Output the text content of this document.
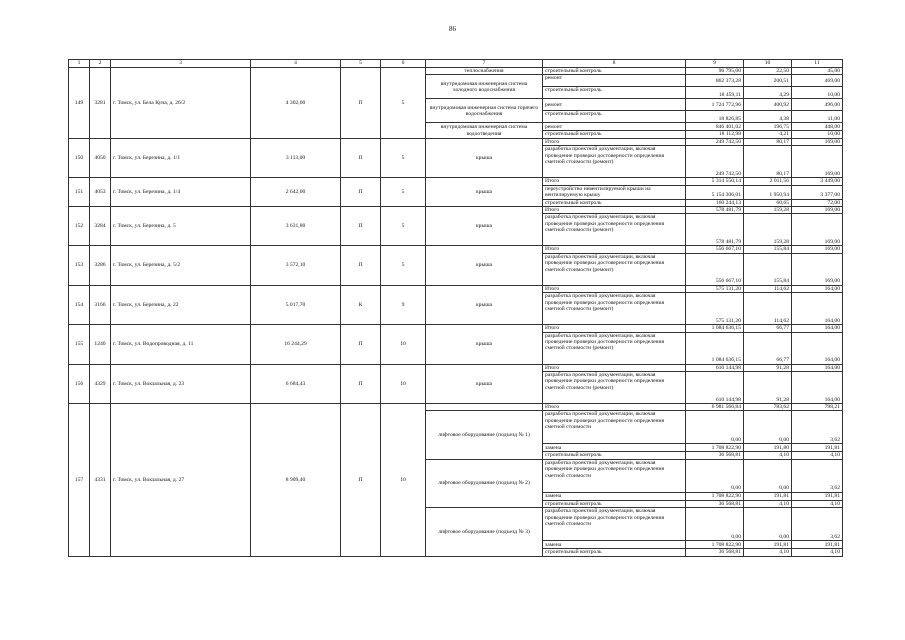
86
1	2	3	4	5	6	7	8	9	10	11
149	3281	г. Томск, ул. Бела Куна, д. 26/2	4 302,00	П	5	теплоснабжения	строительный контроль	96 795,00	22,50	45,00
						внутридомовая инженерная система холодного водоснабжения	ремонт	862 373,28	200,51	469,00
							строительный контроль	18 459,11	4,29	10,00
						внутридомовая инженерная система горячего водоснабжения	ремонт	1 724 772,96	400,92	496,00
							строительный контроль	18 826,85	4,38	11,00
						внутридомовая инженерная система водоотведения	ремонт	846 401,02	196,75	448,00
							строительный контроль	18 112,98	4,21	10,00
150	4050	г. Томск, ул. Березина, д. 1/1	3 113,00	П	5	крыша	Итого	249 742,50	80,17	169,00
							разработка проектной документации, включая проведение проверки достоверности определения сметной стоимости (ремонт)	249 742,50	80,17	169,00
151	4053	г. Томск, ул. Березина, д. 1/4	2 642,00	П	5	крыша	Итого	5 314 550,14	2 011,56	3 449,00
							переустройство невентилируемой крыши на вентилируемую крышу	5 154 306,01	1 950,94	3 377,00
							строительный контроль	160 244,13	60,65	72,00
152	3284	г. Томск, ул. Березина, д. 5	3 631,80	П	5	крыша	Итого	578 481,79	159,28	169,00
							разработка проектной документации, включая проведение проверки достоверности определения сметной стоимости (ремонт)	578 481,79	159,28	169,00
153	3286	г. Томск, ул. Березина, д. 5/2	3 572,10	П	5	крыша	Итого	556 667,10	155,84	169,00
							разработка проектной документации, включая проведение проверки достоверности определения сметной стоимости (ремонт)	556 667,10	155,84	169,00
154	3166	г. Томск, ул. Березина, д. 22	5 017,70	К	9	крыша	Итого	575 131,20	114,62	164,00
							разработка проектной документации, включая проведение проверки достоверности определения сметной стоимости (ремонт)	575 131,20	114,62	164,00
155	1240	г. Томск, ул. Водопроводная, д. 11	16 244,29	П	10	крыша	Итого	1 084 636,15	66,77	164,00
							разработка проектной документации, включая проведение проверки достоверности определения сметной стоимости (ремонт)	1 084 636,15	66,77	164,00
156	4329	г. Томск, ул. Вокзальная, д. 23	6 684,43	П	10	крыша	Итого	610 144,98	91,28	164,00
							разработка проектной документации, включая проведение проверки достоверности определения сметной стоимости (ремонт)	610 144,98	91,28	164,00
157	4331	г. Томск, ул. Вокзальная, д. 27	8 909,40	П	10		Итого	6 981 566,84	783,62	798,21
						лифтовое оборудование (подъезд № 1)	разработка проектной документации, включая проведение проверки достоверности определения сметной стоимости	0,00	0,00	3,62
							замена	1 708 822,90	191,80	191,81
							строительный контроль	36 568,81	4,10	4,10
						лифтовое оборудование (подъезд № 2)	разработка проектной документации, включая проведение проверки достоверности определения сметной стоимости	0,00	0,00	3,62
							замена	1 708 822,90	191,81	191,81
							строительный контроль	36 568,81	4,10	4,10
						лифтовое оборудование (подъезд № 3)	разработка проектной документации, включая проведение проверки достоверности определения сметной стоимости	0,00	0,00	3,62
							замена	1 708 822,90	191,81	191,81
							строительный контроль	36 568,81	4,10	4,10
